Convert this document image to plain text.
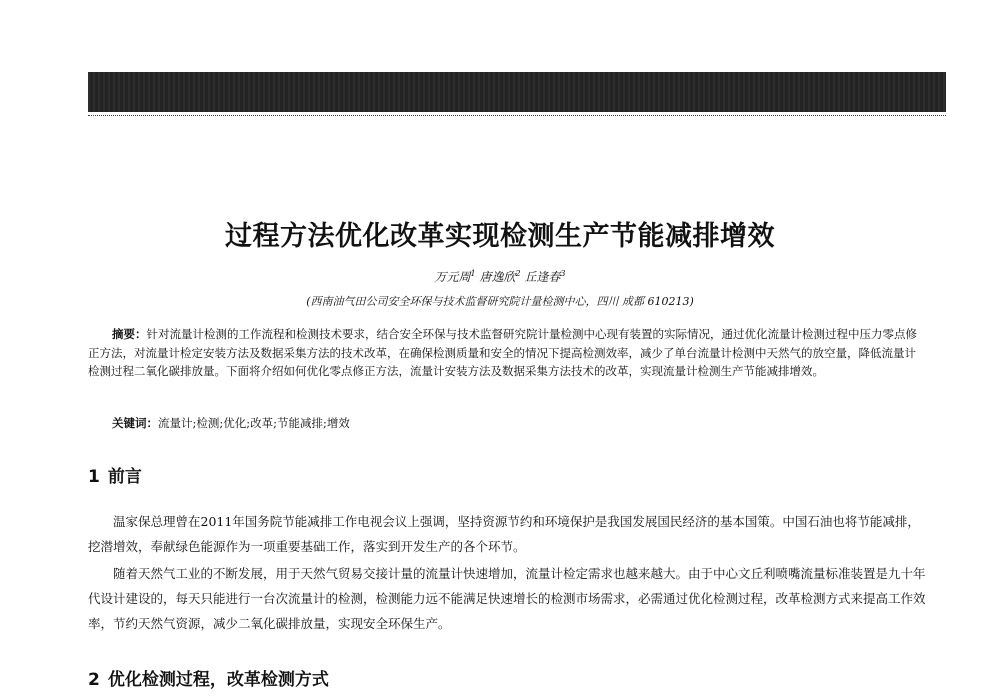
过程方法优化改革实现检测生产节能减排增效
万元周$^1$ 唐逸欣$^2$ 丘逢春$^3$
(西南油气田公司安全环保与技术监督研究院计量检测中心，四川 成都 610213)

摘要：针对流量计检测的工作流程和检测技术要求，结合安全环保与技术监督研究院计量检测中心现有装置的实际情况，通过优化流量计检测过程中压力零点修正方法，对流量计检定安装方法及数据采集方法的技术改革，在确保检测质量和安全的情况下提高检测效率，减少了单台流量计检测中天然气的放空量，降低流量计检测过程二氧化碳排放量。下面将介绍如何优化零点修正方法，流量计安装方法及数据采集方法技术的改革，实现流量计检测生产节能减排增效。

关键词：流量计;检测;优化;改革;节能减排;增效

1 前言

温家保总理曾在2011年国务院节能减排工作电视会议上强调，坚持资源节约和环境保护是我国发展国民经济的基本国策。中国石油也将节能减排，挖潜增效，奉献绿色能源作为一项重要基础工作，落实到开发生产的各个环节。

随着天然气工业的不断发展，用于天然气贸易交接计量的流量计快速增加，流量计检定需求也越来越大。由于中心文丘利喷嘴流量标准装置是九十年代设计建设的，每天只能进行一台次流量计的检测，检测能力远不能满足快速增长的检测市场需求，必需通过优化检测过程，改革检测方式来提高工作效率，节约天然气资源，减少二氧化碳排放量，实现安全环保生产。

2 优化检测过程，改革检测方式
